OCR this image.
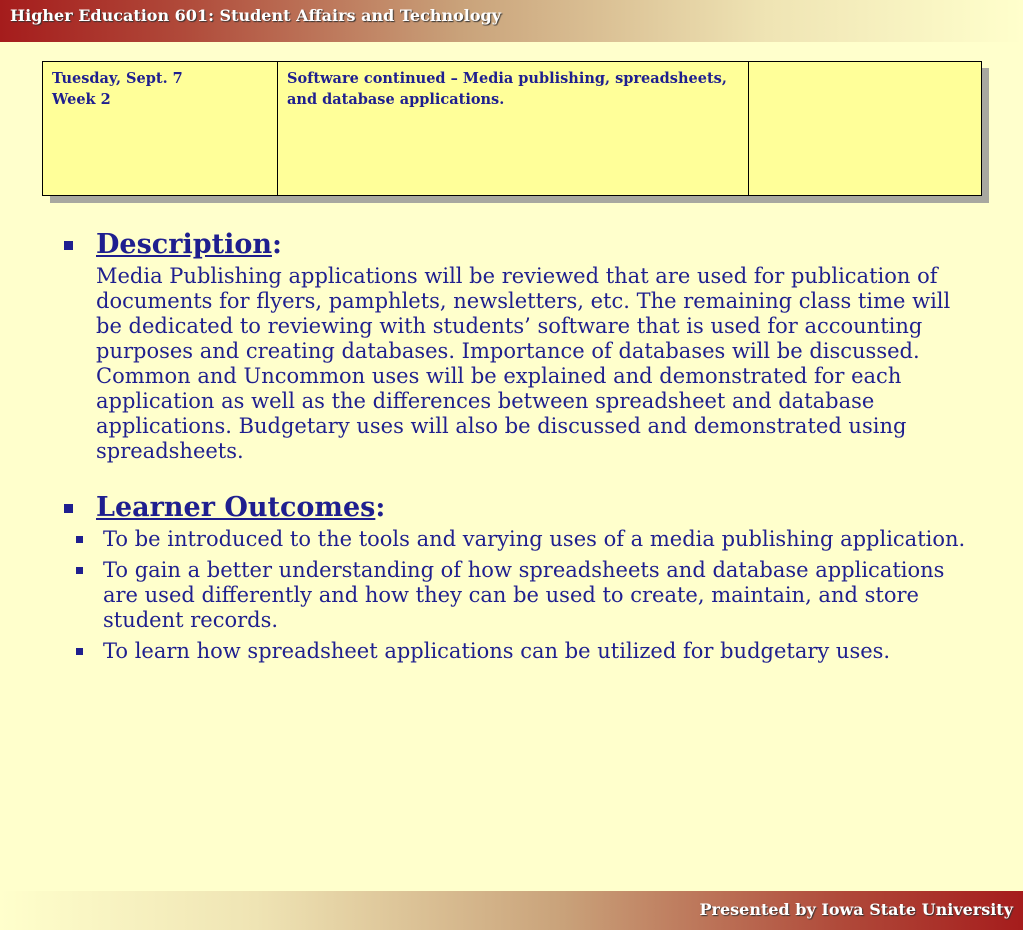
Higher Education 601: Student Affairs and Technology
Tuesday, Sept. 7
Week 2

Software continued – Media publishing, spreadsheets, and database applications.

Description:
Media Publishing applications will be reviewed that are used for publication of documents for flyers, pamphlets, newsletters, etc. The remaining class time will be dedicated to reviewing with students’ software that is used for accounting purposes and creating databases. Importance of databases will be discussed. Common and Uncommon uses will be explained and demonstrated for each application as well as the differences between spreadsheet and database applications. Budgetary uses will also be discussed and demonstrated using spreadsheets.
Learner Outcomes:
To be introduced to the tools and varying uses of a media publishing application.
To gain a better understanding of how spreadsheets and database applications are used differently and how they can be used to create, maintain, and store student records.
To learn how spreadsheet applications can be utilized for budgetary uses.
Presented by Iowa State University
